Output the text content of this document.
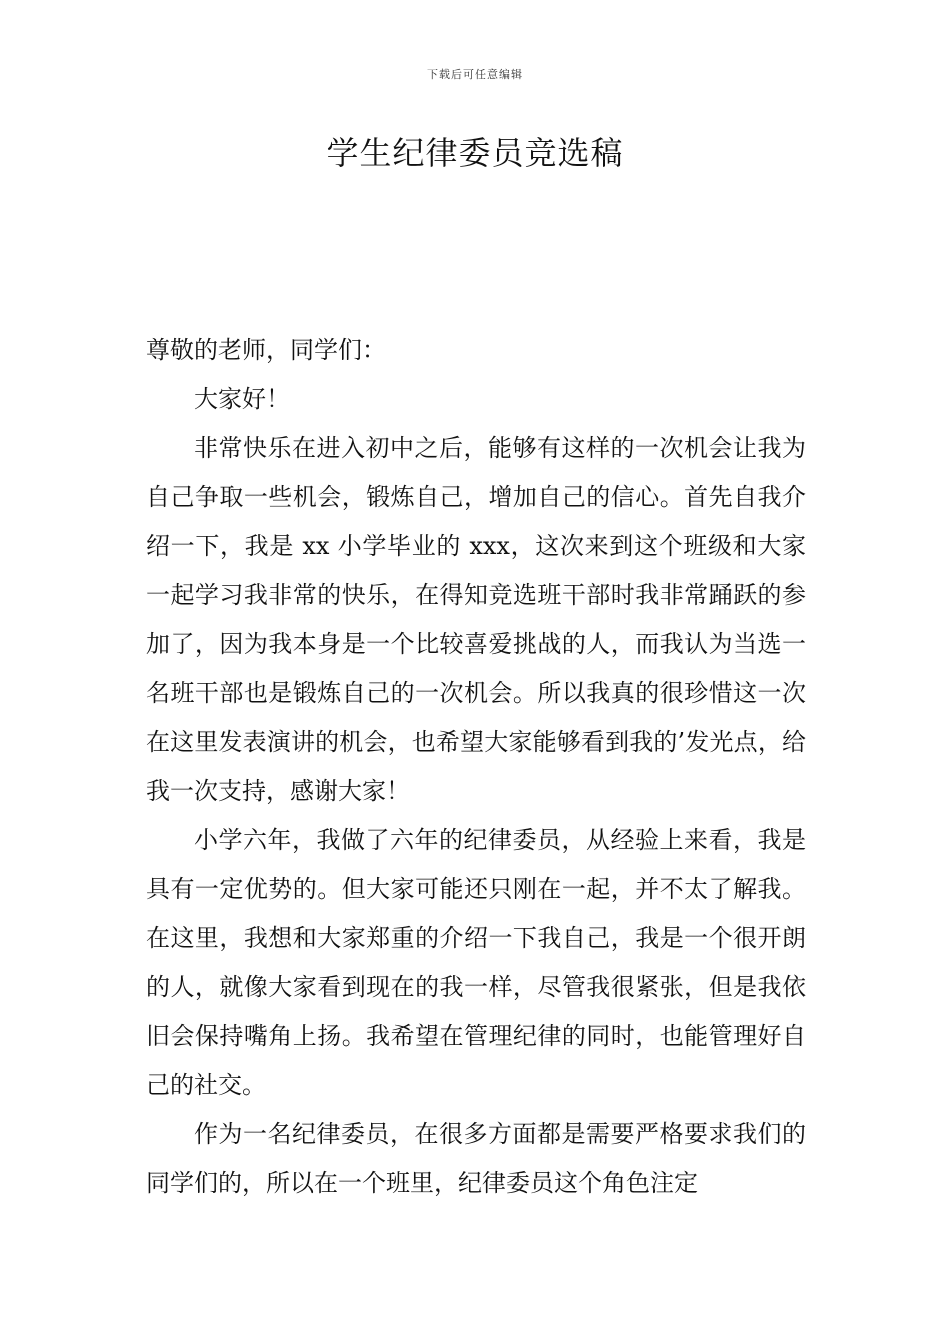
下载后可任意编辑
学生纪律委员竞选稿

尊敬的老师，同学们：

大家好！

非常快乐在进入初中之后，能够有这样的一次机会让我为自己争取一些机会，锻炼自己，增加自己的信心。首先自我介绍一下，我是 xx 小学毕业的 xxx，这次来到这个班级和大家一起学习我非常的快乐，在得知竞选班干部时我非常踊跃的参加了，因为我本身是一个比较喜爱挑战的人，而我认为当选一名班干部也是锻炼自己的一次机会。所以我真的很珍惜这一次在这里发表演讲的机会，也希望大家能够看到我的’发光点，给我一次支持，感谢大家！

小学六年，我做了六年的纪律委员，从经验上来看，我是具有一定优势的。但大家可能还只刚在一起，并不太了解我。在这里，我想和大家郑重的介绍一下我自己，我是一个很开朗的人，就像大家看到现在的我一样，尽管我很紧张，但是我依旧会保持嘴角上扬。我希望在管理纪律的同时，也能管理好自己的社交。

作为一名纪律委员，在很多方面都是需要严格要求我们的同学们的，所以在一个班里，纪律委员这个角色注定
